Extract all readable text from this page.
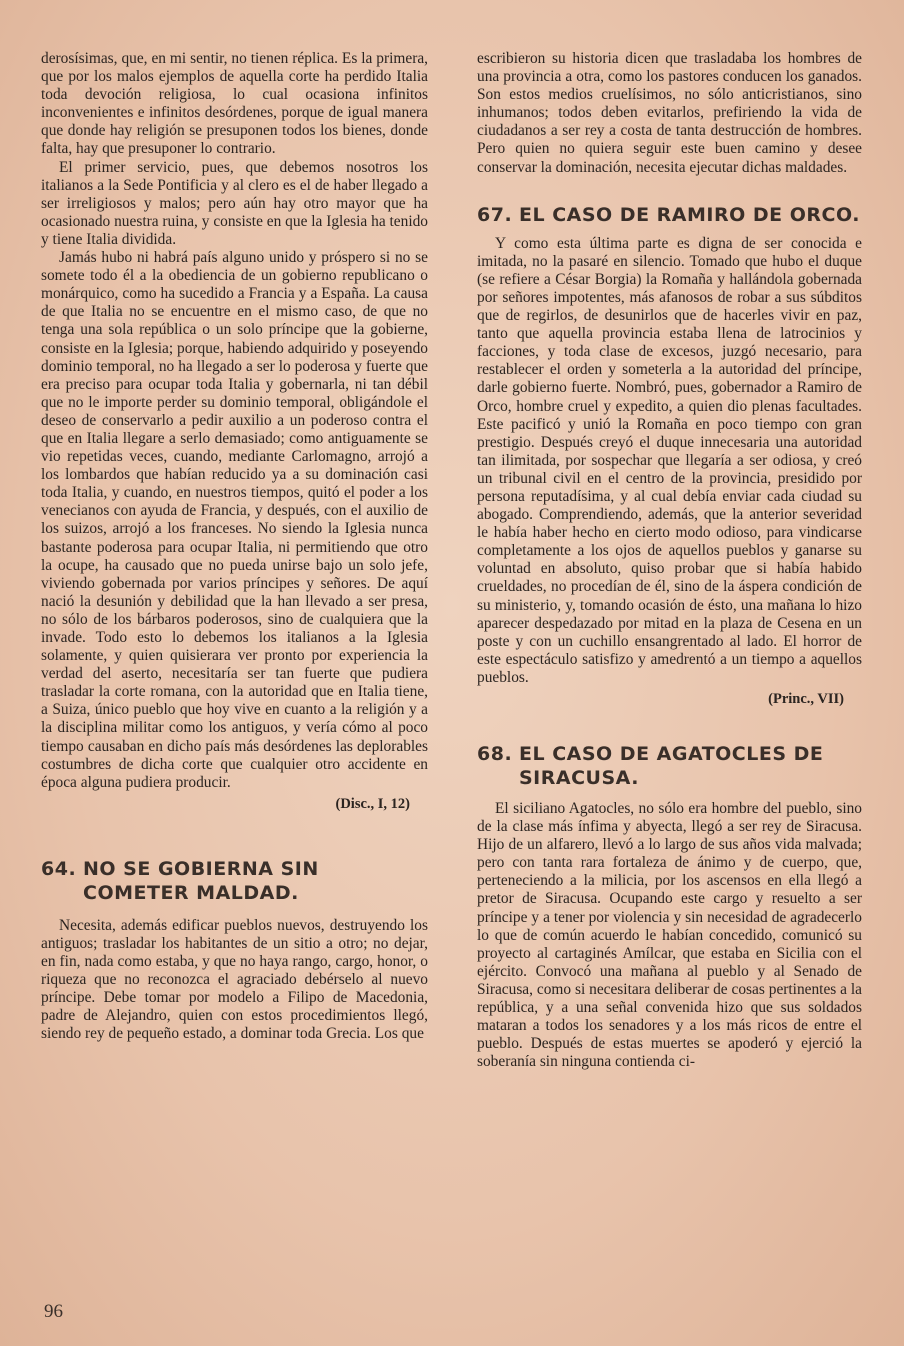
derosísimas, que, en mi sentir, no tienen réplica. Es la primera, que por los malos ejemplos de aquella corte ha perdido Italia toda devoción religiosa, lo cual ocasiona infinitos inconvenientes e infinitos desórdenes, porque de igual manera que donde hay religión se presuponen todos los bienes, donde falta, hay que presuponer lo contrario.

El primer servicio, pues, que debemos nosotros los italianos a la Sede Pontificia y al clero es el de haber llegado a ser irreligiosos y malos; pero aún hay otro mayor que ha ocasionado nuestra ruina, y consiste en que la Iglesia ha tenido y tiene Italia dividida.

Jamás hubo ni habrá país alguno unido y próspero si no se somete todo él a la obediencia de un gobierno republicano o monárquico, como ha sucedido a Francia y a España. La causa de que Italia no se encuentre en el mismo caso, de que no tenga una sola república o un solo príncipe que la gobierne, consiste en la Iglesia; porque, habiendo adquirido y poseyendo dominio temporal, no ha llegado a ser lo poderosa y fuerte que era preciso para ocupar toda Italia y gobernarla, ni tan débil que no le importe perder su dominio temporal, obligándole el deseo de conservarlo a pedir auxilio a un poderoso contra el que en Italia llegare a serlo demasiado; como antiguamente se vio repetidas veces, cuando, mediante Carlomagno, arrojó a los lombardos que habían reducido ya a su dominación casi toda Italia, y cuando, en nuestros tiempos, quitó el poder a los venecianos con ayuda de Francia, y después, con el auxilio de los suizos, arrojó a los franceses. No siendo la Iglesia nunca bastante poderosa para ocupar Italia, ni permitiendo que otro la ocupe, ha causado que no pueda unirse bajo un solo jefe, viviendo gobernada por varios príncipes y señores. De aquí nació la desunión y debilidad que la han llevado a ser presa, no sólo de los bárbaros poderosos, sino de cualquiera que la invade. Todo esto lo debemos los italianos a la Iglesia solamente, y quien quisierara ver pronto por experiencia la verdad del aserto, necesitaría ser tan fuerte que pudiera trasladar la corte romana, con la autoridad que en Italia tiene, a Suiza, único pueblo que hoy vive en cuanto a la religión y a la disciplina militar como los antiguos, y vería cómo al poco tiempo causaban en dicho país más desórdenes las deplorables costumbres de dicha corte que cualquier otro accidente en época alguna pudiera producir.

(Disc., I, 12)
64. NO SE GOBIERNA SIN COMETER MALDAD.

Necesita, además edificar pueblos nuevos, destruyendo los antiguos; trasladar los habitantes de un sitio a otro; no dejar, en fin, nada como estaba, y que no haya rango, cargo, honor, o riqueza que no reconozca el agraciado debérselo al nuevo príncipe. Debe tomar por modelo a Filipo de Macedonia, padre de Alejandro, quien con estos procedimientos llegó, siendo rey de pequeño estado, a dominar toda Grecia. Los que

escribieron su historia dicen que trasladaba los hombres de una provincia a otra, como los pastores conducen los ganados. Son estos medios cruelísimos, no sólo anticristianos, sino inhumanos; todos deben evitarlos, prefiriendo la vida de ciudadanos a ser rey a costa de tanta destrucción de hombres. Pero quien no quiera seguir este buen camino y desee conservar la dominación, necesita ejecutar dichas maldades.

67. EL CASO DE RAMIRO DE ORCO.

Y como esta última parte es digna de ser conocida e imitada, no la pasaré en silencio. Tomado que hubo el duque (se refiere a César Borgia) la Romaña y hallándola gobernada por señores impotentes, más afanosos de robar a sus súbditos que de regirlos, de desunirlos que de hacerles vivir en paz, tanto que aquella provincia estaba llena de latrocinios y facciones, y toda clase de excesos, juzgó necesario, para restablecer el orden y someterla a la autoridad del príncipe, darle gobierno fuerte. Nombró, pues, gobernador a Ramiro de Orco, hombre cruel y expedito, a quien dio plenas facultades. Este pacificó y unió la Romaña en poco tiempo con gran prestigio. Después creyó el duque innecesaria una autoridad tan ilimitada, por sospechar que llegaría a ser odiosa, y creó un tribunal civil en el centro de la provincia, presidido por persona reputadísima, y al cual debía enviar cada ciudad su abogado. Comprendiendo, además, que la anterior severidad le había haber hecho en cierto modo odioso, para vindicarse completamente a los ojos de aquellos pueblos y ganarse su voluntad en absoluto, quiso probar que si había habido crueldades, no procedían de él, sino de la áspera condición de su ministerio, y, tomando ocasión de ésto, una mañana lo hizo aparecer despedazado por mitad en la plaza de Cesena en un poste y con un cuchillo ensangrentado al lado. El horror de este espectáculo satisfizo y amedrentó a un tiempo a aquellos pueblos.

(Princ., VII)
68. EL CASO DE AGATOCLES DE SIRACUSA.

El siciliano Agatocles, no sólo era hombre del pueblo, sino de la clase más ínfima y abyecta, llegó a ser rey de Siracusa. Hijo de un alfarero, llevó a lo largo de sus años vida malvada; pero con tanta rara fortaleza de ánimo y de cuerpo, que, perteneciendo a la milicia, por los ascensos en ella llegó a pretor de Siracusa. Ocupando este cargo y resuelto a ser príncipe y a tener por violencia y sin necesidad de agradecerlo lo que de común acuerdo le habían concedido, comunicó su proyecto al cartaginés Amílcar, que estaba en Sicilia con el ejército. Convocó una mañana al pueblo y al Senado de Siracusa, como si necesitara deliberar de cosas pertinentes a la república, y a una señal convenida hizo que sus soldados mataran a todos los senadores y a los más ricos de entre el pueblo. Después de estas muertes se apoderó y ejerció la soberanía sin ninguna contienda ci-

96
